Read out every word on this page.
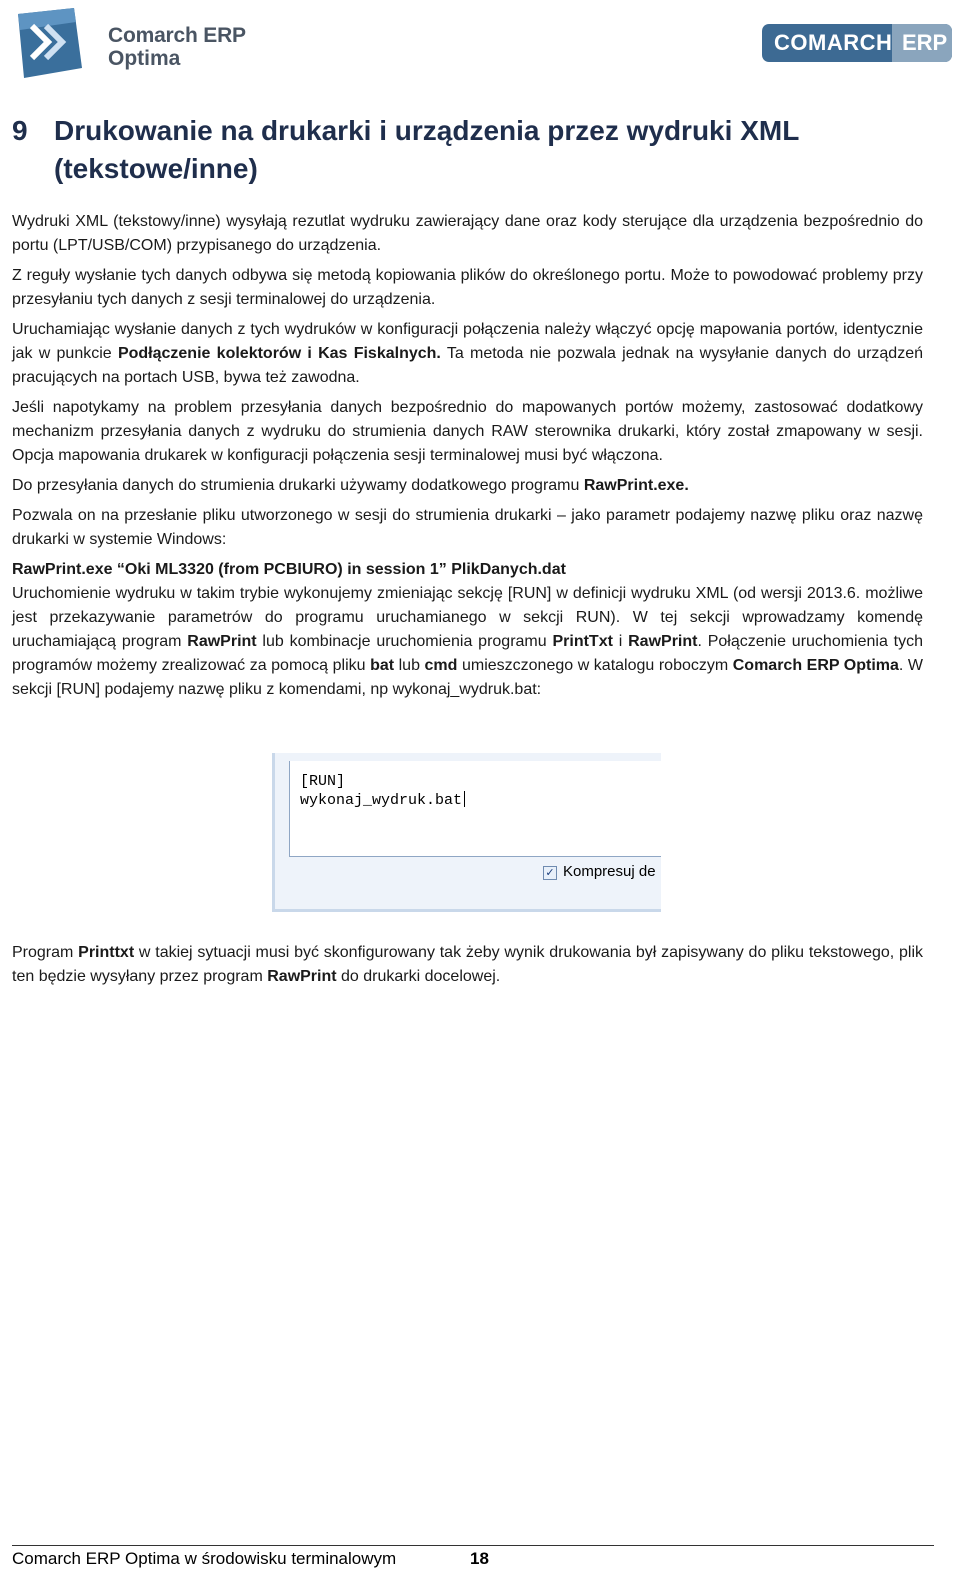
Comarch ERP
Optima
COMARCH ERP
9 Drukowanie na drukarki i urządzenia przez wydruki XML (tekstowe/inne)

Wydruki XML (tekstowy/inne) wysyłają rezutlat wydruku zawierający dane oraz kody sterujące dla urządzenia bezpośrednio do portu (LPT/USB/COM) przypisanego do urządzenia.

Z reguły wysłanie tych danych odbywa się metodą kopiowania plików do określonego portu. Może to powodować problemy przy przesyłaniu tych danych z sesji terminalowej do urządzenia.

Uruchamiając wysłanie danych z tych wydruków w konfiguracji połączenia należy włączyć opcję mapowania portów, identycznie jak w punkcie Podłączenie kolektorów i Kas Fiskalnych. Ta metoda nie pozwala jednak na wysyłanie danych do urządzeń pracujących na portach USB, bywa też zawodna.

Jeśli napotykamy na problem przesyłania danych bezpośrednio do mapowanych portów możemy, zastosować dodatkowy mechanizm przesyłania danych z wydruku do strumienia danych RAW sterownika drukarki, który został zmapowany w sesji. Opcja mapowania drukarek w konfiguracji połączenia sesji terminalowej musi być włączona.

Do przesyłania danych do strumienia drukarki używamy dodatkowego programu RawPrint.exe.

Pozwala on na przesłanie pliku utworzonego w sesji do strumienia drukarki – jako parametr podajemy nazwę pliku oraz nazwę drukarki w systemie Windows:

RawPrint.exe “Oki ML3320 (from PCBIURO) in session 1” PlikDanych.dat

Uruchomienie wydruku w takim trybie wykonujemy zmieniając sekcję [RUN] w definicji wydruku XML (od wersji 2013.6. możliwe jest przekazywanie parametrów do programu uruchamianego w sekcji RUN). W tej sekcji wprowadzamy komendę uruchamiającą program RawPrint lub kombinacje uruchomienia programu PrintTxt i RawPrint. Połączenie uruchomienia tych programów możemy zrealizować za pomocą pliku bat lub cmd umieszczonego w katalogu roboczym Comarch ERP Optima. W sekcji [RUN] podajemy nazwę pliku z komendami, np wykonaj_wydruk.bat:

[RUN]
wykonaj_wydruk.bat
✓ Kompresuj de
Program Printtxt w takiej sytuacji musi być skonfigurowany tak żeby wynik drukowania był zapisywany do pliku tekstowego, plik ten będzie wysyłany przez program RawPrint do drukarki docelowej.
Comarch ERP Optima w środowisku terminalowym	18
